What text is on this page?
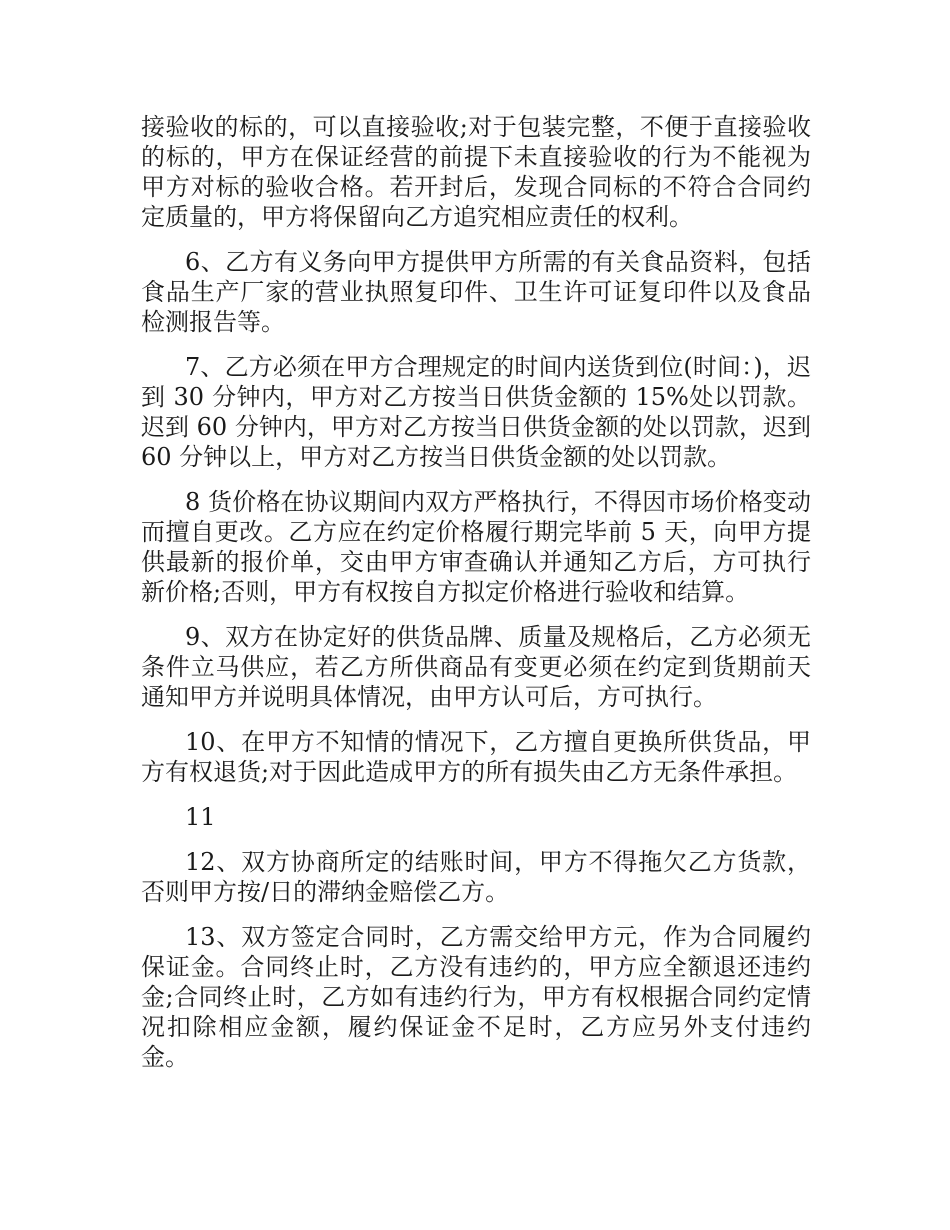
接验收的标的，可以直接验收;对于包装完整，不便于直接验收的标的，甲方在保证经营的前提下未直接验收的行为不能视为甲方对标的验收合格。若开封后，发现合同标的不符合合同约定质量的，甲方将保留向乙方追究相应责任的权利。

6、乙方有义务向甲方提供甲方所需的有关食品资料，包括食品生产厂家的营业执照复印件、卫生许可证复印件以及食品检测报告等。

7、乙方必须在甲方合理规定的时间内送货到位(时间：)，迟到 30 分钟内，甲方对乙方按当日供货金额的 15%处以罚款。迟到 60 分钟内，甲方对乙方按当日供货金额的处以罚款，迟到 60 分钟以上，甲方对乙方按当日供货金额的处以罚款。

8 货价格在协议期间内双方严格执行，不得因市场价格变动而擅自更改。乙方应在约定价格履行期完毕前 5 天，向甲方提供最新的报价单，交由甲方审查确认并通知乙方后，方可执行新价格;否则，甲方有权按自方拟定价格进行验收和结算。

9、双方在协定好的供货品牌、质量及规格后，乙方必须无条件立马供应，若乙方所供商品有变更必须在约定到货期前天通知甲方并说明具体情况，由甲方认可后，方可执行。

10、在甲方不知情的情况下，乙方擅自更换所供货品，甲方有权退货;对于因此造成甲方的所有损失由乙方无条件承担。

11

12、双方协商所定的结账时间，甲方不得拖欠乙方货款，否则甲方按/日的滞纳金赔偿乙方。

13、双方签定合同时，乙方需交给甲方元，作为合同履约保证金。合同终止时，乙方没有违约的，甲方应全额退还违约金;合同终止时，乙方如有违约行为，甲方有权根据合同约定情况扣除相应金额，履约保证金不足时，乙方应另外支付违约金。
